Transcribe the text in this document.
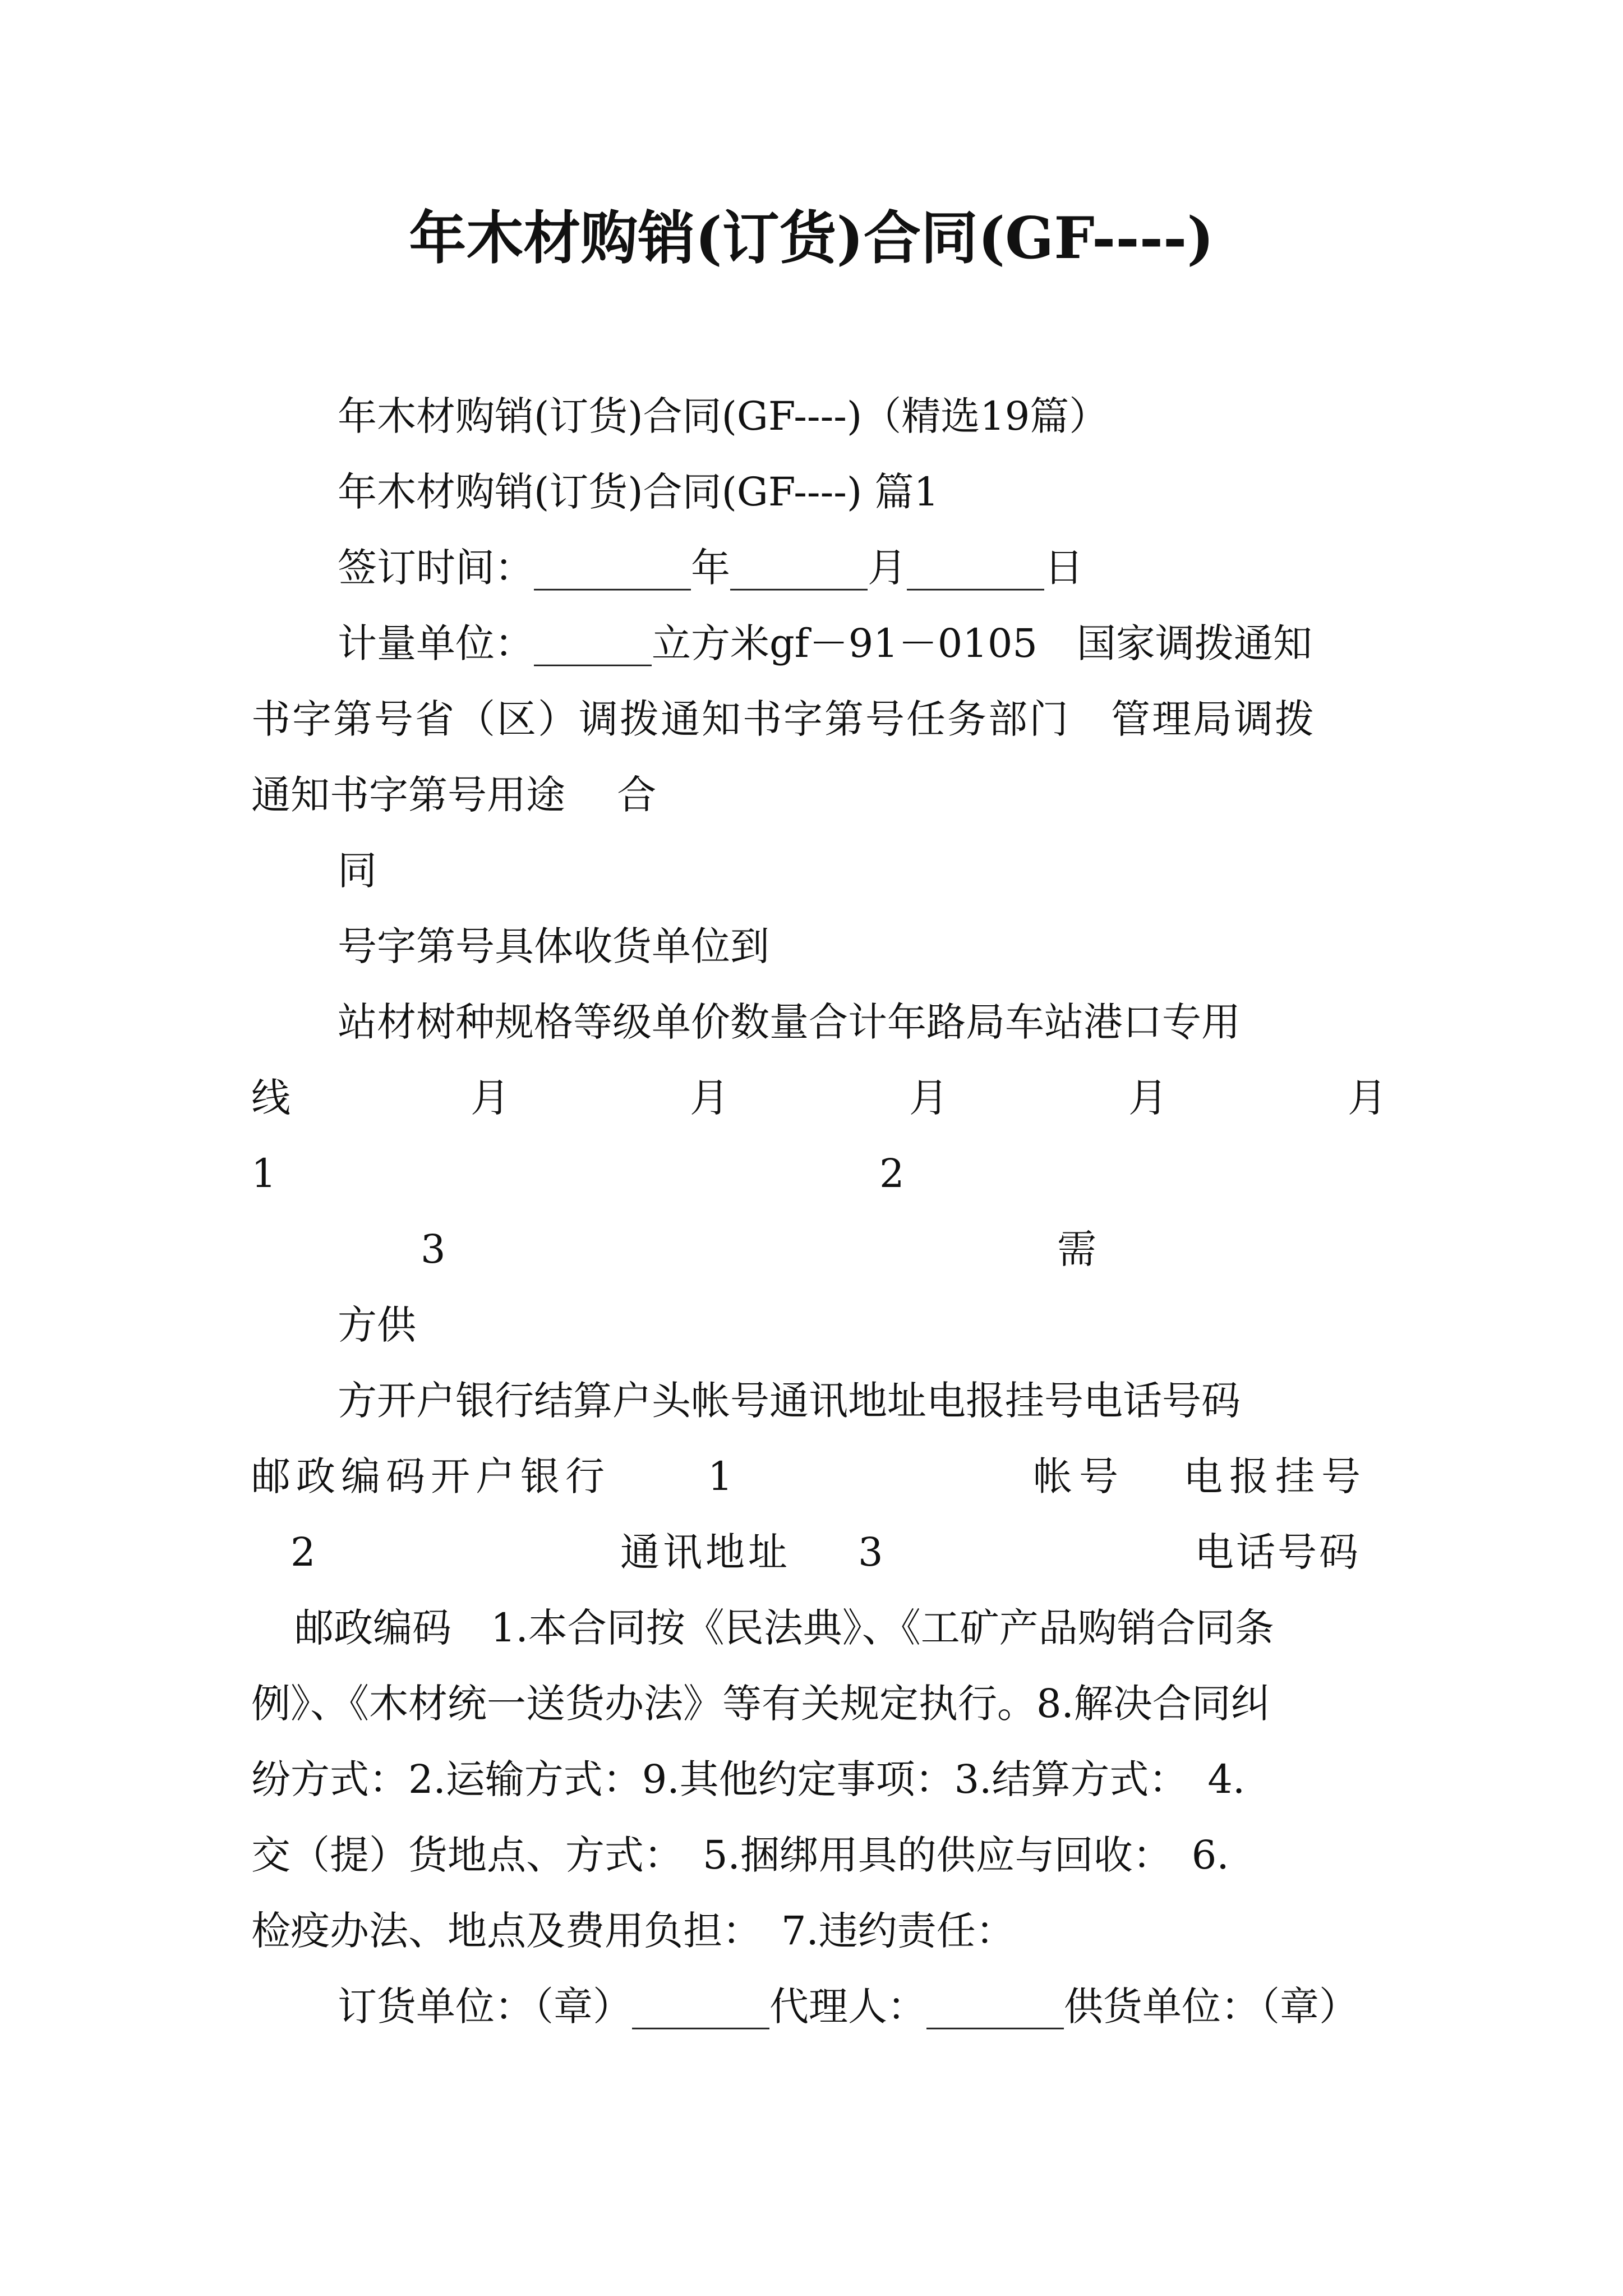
年木材购销(订货)合同(GF----)
年木材购销(订货)合同(GF----)（精选19篇）
年木材购销(订货)合同(GF----) 篇1
签订时间：________年_______月_______日
计量单位：______立方米gf－91－0105　国家调拨通知
书字第号省（区）调拨通知书字第号任务部门　管理局调拨
通知书字第号用途　 合
同
号字第号具体收货单位到
站材树种规格等级单价数量合计年路局车站港口专用
线	月	月	月	月	月
1	2
3	需
方供
方开户银行结算户头帐号通讯地址电报挂号电话号码
邮政编码开户银行 1	帐号 电报挂号
2	通讯地址 3	电话号码
邮政编码　1.本合同按《民法典》、《工矿产品购销合同条
例》、《木材统一送货办法》等有关规定执行。8.解决合同纠
纷方式：2.运输方式：9.其他约定事项：3.结算方式：　4.
交（提）货地点、方式：　5.捆绑用具的供应与回收：　6.
检疫办法、地点及费用负担：　7.违约责任：
订货单位：（章）_______代理人：_______供货单位：（章）
